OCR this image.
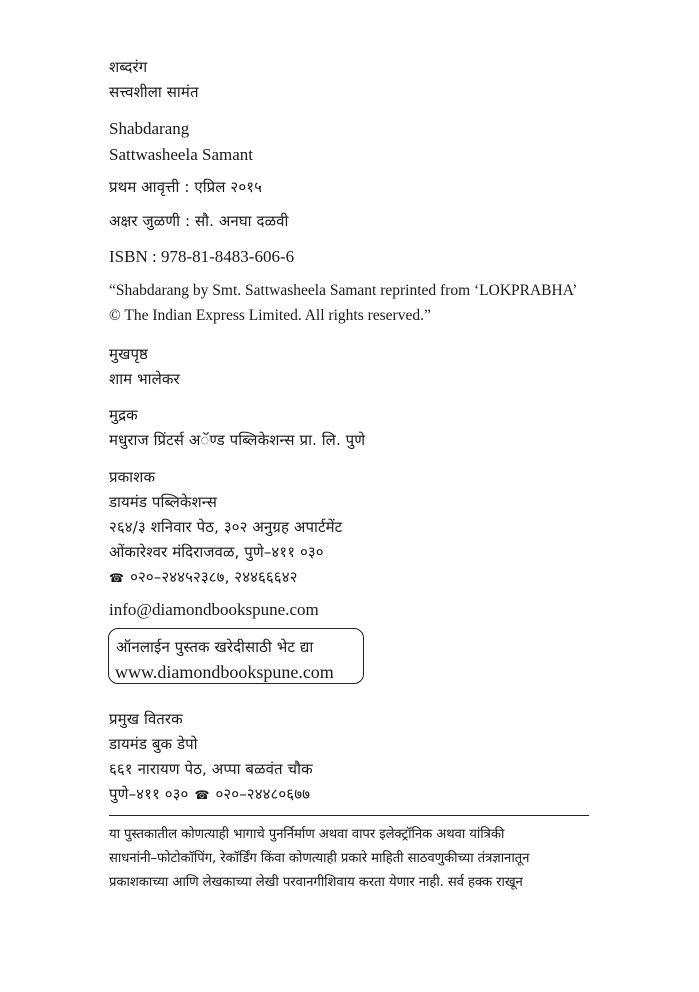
शब्दरंग
सत्त्वशीला सामंत
Shabdarang
Sattwasheela Samant
प्रथम आवृत्ती : एप्रिल २०१५
अक्षर जुळणी : सौ. अनघा दळवी
ISBN : 978-81-8483-606-6
“Shabdarang by Smt. Sattwasheela Samant reprinted from ‘LOKPRABHA’
© The Indian Express Limited. All rights reserved.”
मुखपृष्ठ
शाम भालेकर
मुद्रक
मधुराज प्रिंटर्स अॅण्ड पब्लिकेशन्स प्रा. लि. पुणे
प्रकाशक
डायमंड पब्लिकेशन्स
२६४/३ शनिवार पेठ, ३०२ अनुग्रह अपार्टमेंट
ओंकारेश्वर मंदिराजवळ, पुणे–४११ ०३०
☎ ०२०–२४४५२३८७, २४४६६६४२
info@diamondbookspune.com
ऑनलाईन पुस्तक खरेदीसाठी भेट द्या
www.diamondbookspune.com
प्रमुख वितरक
डायमंड बुक डेपो
६६१ नारायण पेठ, अप्पा बळवंत चौक
पुणे–४११ ०३० ☎ ०२०–२४४८०६७७
या पुस्तकातील कोणत्याही भागाचे पुनर्निर्माण अथवा वापर इलेक्ट्रॉनिक अथवा यांत्रिकी
साधनांनी–फोटोकॉपिंग, रेकॉर्डिंग किंवा कोणत्याही प्रकारे माहिती साठवणुकीच्या तंत्रज्ञानातून
प्रकाशकाच्या आणि लेखकाच्या लेखी परवानगीशिवाय करता येणार नाही. सर्व हक्क राखून
